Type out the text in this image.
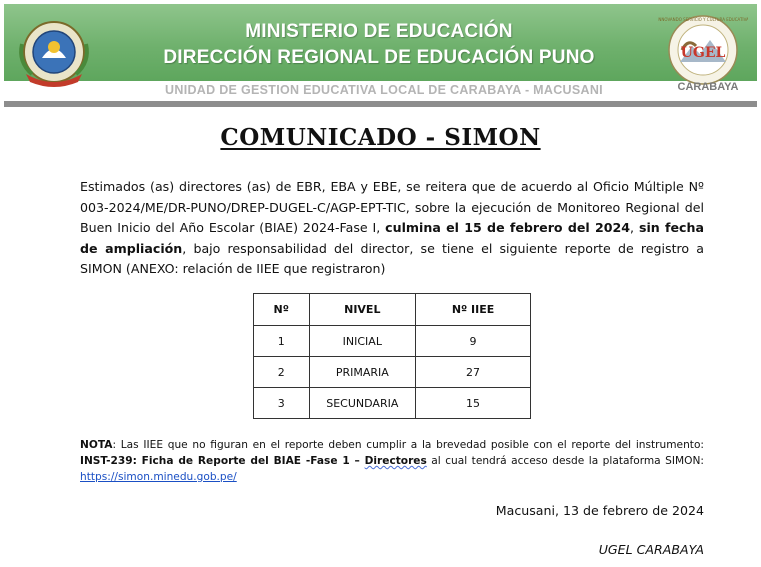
MINISTERIO DE EDUCACIÓN
DIRECCIÓN REGIONAL DE EDUCACIÓN PUNO
UNIDAD DE GESTION EDUCATIVA LOCAL DE CARABAYA - MACUSANI
UGEL
INNOVANDO SERVICIO Y CULTURA EDUCATIVA
CARABAYA
COMUNICADO - SIMON
Estimados (as) directores (as) de EBR, EBA y EBE, se reitera que de acuerdo al Oficio Múltiple Nº 003-2024/ME/DR-PUNO/DREP-DUGEL-C/AGP-EPT-TIC, sobre la ejecución de Monitoreo Regional del Buen Inicio del Año Escolar (BIAE) 2024-Fase I, culmina el 15 de febrero del 2024, sin fecha de ampliación, bajo responsabilidad del director, se tiene el siguiente reporte de registro a SIMON (ANEXO: relación de IIEE que registraron)
Nº	NIVEL	Nº IIEE
1	INICIAL	9
2	PRIMARIA	27
3	SECUNDARIA	15
NOTA: Las IIEE que no figuran en el reporte deben cumplir a la brevedad posible con el reporte del instrumento: INST-239: Ficha de Reporte del BIAE -Fase 1 – Directores al cual tendrá acceso desde la plataforma SIMON: https://simon.minedu.gob.pe/
Macusani, 13 de febrero de 2024
UGEL CARABAYA
